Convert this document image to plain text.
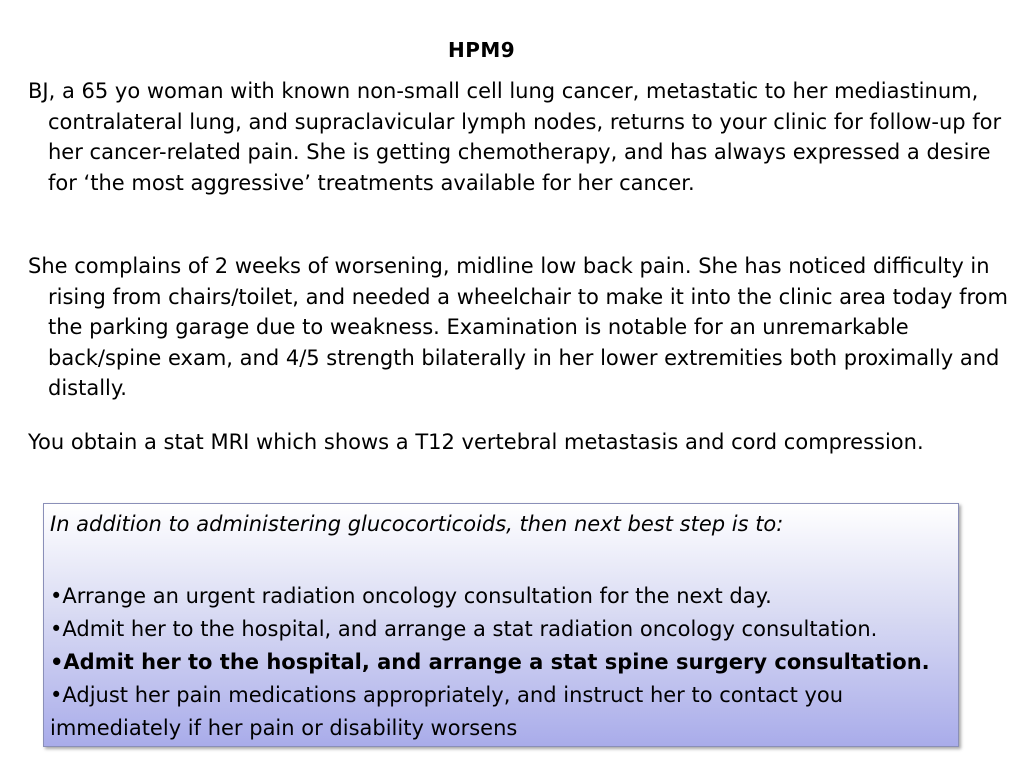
HPM9

BJ, a 65 yo woman with known non-small cell lung cancer, metastatic to her mediastinum, contralateral lung, and supraclavicular lymph nodes, returns to your clinic for follow-up for her cancer-related pain. She is getting chemotherapy, and has always expressed a desire for ‘the most aggressive’ treatments available for her cancer.

She complains of 2 weeks of worsening, midline low back pain. She has noticed difficulty in rising from chairs/toilet, and needed a wheelchair to make it into the clinic area today from the parking garage due to weakness. Examination is notable for an unremarkable back/spine exam, and 4/5 strength bilaterally in her lower extremities both proximally and distally.

You obtain a stat MRI which shows a T12 vertebral metastasis and cord compression.

In addition to administering glucocorticoids, then next best step is to:

•Arrange an urgent radiation oncology consultation for the next day.

•Admit her to the hospital, and arrange a stat radiation oncology consultation.

•Admit her to the hospital, and arrange a stat spine surgery consultation.

•Adjust her pain medications appropriately, and instruct her to contact you immediately if her pain or disability worsens
